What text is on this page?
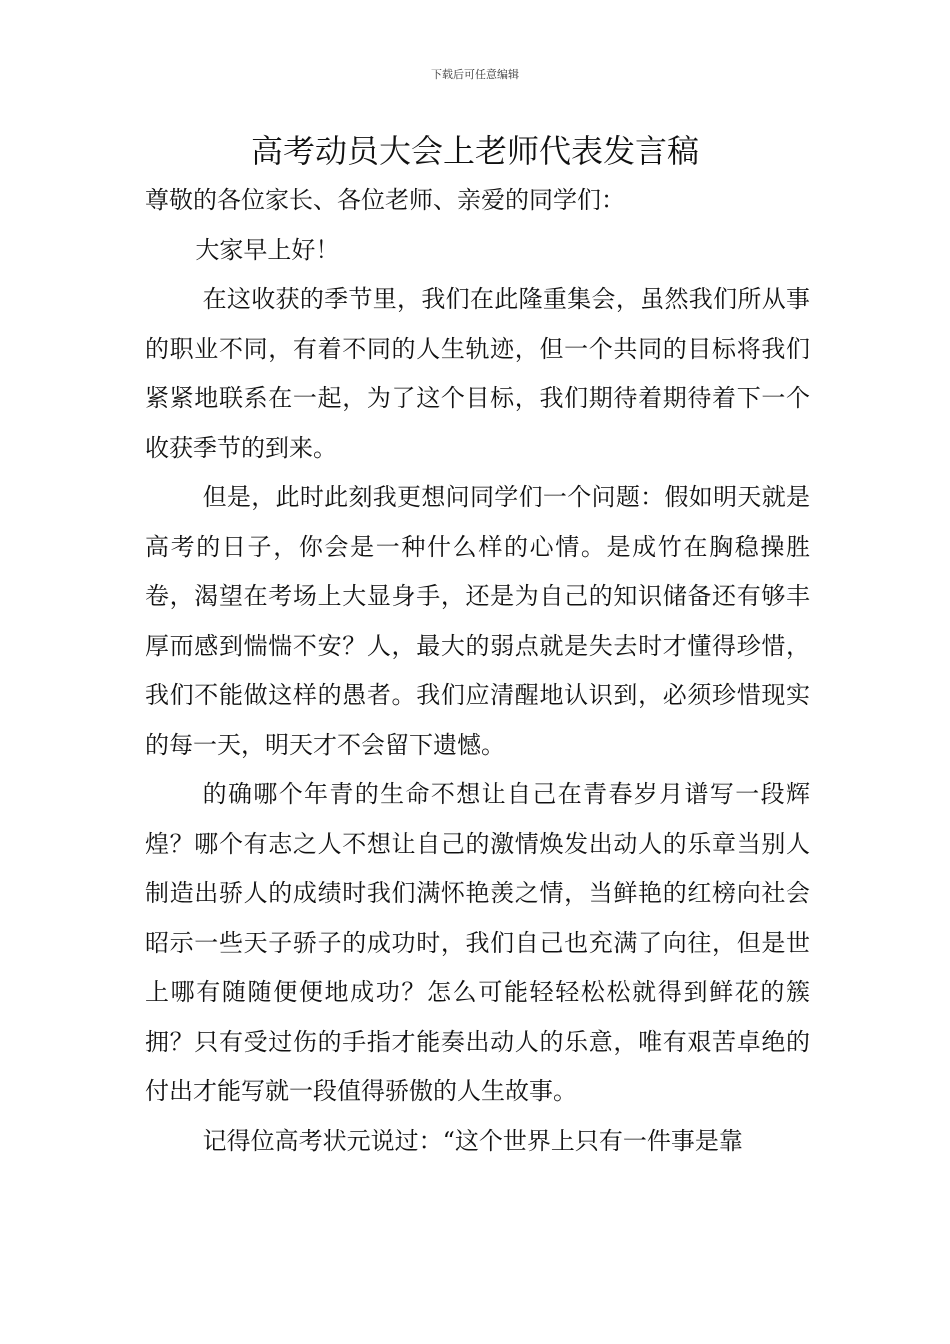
下载后可任意编辑
高考动员大会上老师代表发言稿

尊敬的各位家长、各位老师、亲爱的同学们：

大家早上好！

在这收获的季节里，我们在此隆重集会，虽然我们所从事的职业不同，有着不同的人生轨迹，但一个共同的目标将我们紧紧地联系在一起，为了这个目标，我们期待着期待着下一个收获季节的到来。

但是，此时此刻我更想问同学们一个问题：假如明天就是高考的日子，你会是一种什么样的心情。是成竹在胸稳操胜卷，渴望在考场上大显身手，还是为自己的知识储备还有够丰厚而感到惴惴不安？人，最大的弱点就是失去时才懂得珍惜，我们不能做这样的愚者。我们应清醒地认识到，必须珍惜现实的每一天，明天才不会留下遗憾。

的确哪个年青的生命不想让自己在青春岁月谱写一段辉煌？哪个有志之人不想让自己的激情焕发出动人的乐章当别人制造出骄人的成绩时我们满怀艳羡之情，当鲜艳的红榜向社会昭示一些天子骄子的成功时，我们自己也充满了向往，但是世上哪有随随便便地成功？怎么可能轻轻松松就得到鲜花的簇拥？只有受过伤的手指才能奏出动人的乐意，唯有艰苦卓绝的付出才能写就一段值得骄傲的人生故事。

记得位高考状元说过：“这个世界上只有一件事是靠
